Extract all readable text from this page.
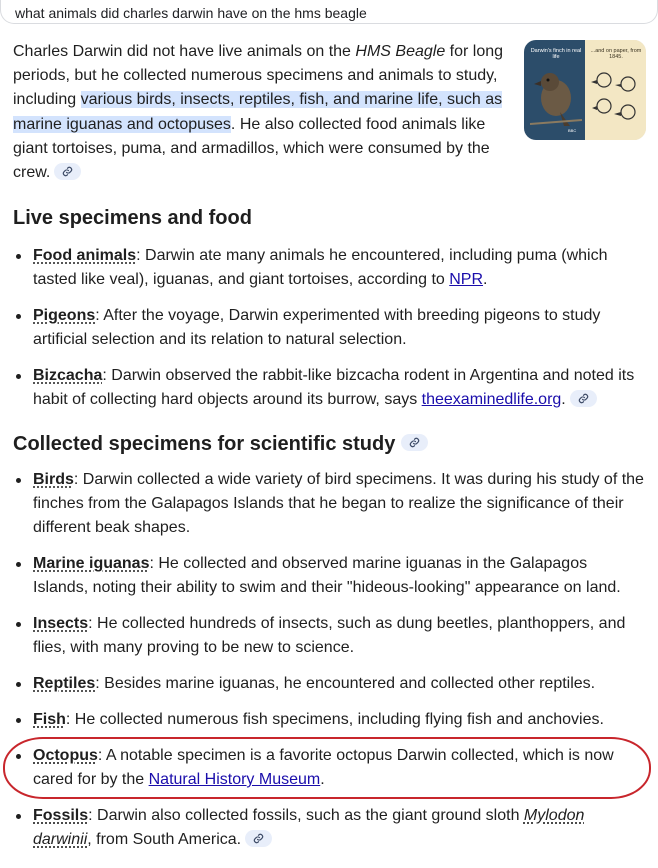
what animals did charles darwin have on the hms beagle
Charles Darwin did not have live animals on the HMS Beagle for long periods, but he collected numerous specimens and animals to study, including various birds, insects, reptiles, fish, and marine life, such as marine iguanas and octopuses. He also collected food animals like giant tortoises, puma, and armadillos, which were consumed by the crew.
Darwin's finch in real life
...and on paper, from 1845.
BBC
Live specimens and food
Food animals: Darwin ate many animals he encountered, including puma (which tasted like veal), iguanas, and giant tortoises, according to NPR.
Pigeons: After the voyage, Darwin experimented with breeding pigeons to study artificial selection and its relation to natural selection.
Bizcacha: Darwin observed the rabbit-like bizcacha rodent in Argentina and noted its habit of collecting hard objects around its burrow, says theexaminedlife.org.
Collected specimens for scientific study
Birds: Darwin collected a wide variety of bird specimens. It was during his study of the finches from the Galapagos Islands that he began to realize the significance of their different beak shapes.
Marine iguanas: He collected and observed marine iguanas in the Galapagos Islands, noting their ability to swim and their "hideous-looking" appearance on land.
Insects: He collected hundreds of insects, such as dung beetles, planthoppers, and flies, with many proving to be new to science.
Reptiles: Besides marine iguanas, he encountered and collected other reptiles.
Fish: He collected numerous fish specimens, including flying fish and anchovies.
Octopus: A notable specimen is a favorite octopus Darwin collected, which is now cared for by the Natural History Museum.
Fossils: Darwin also collected fossils, such as the giant ground sloth Mylodon darwinii, from South America.
